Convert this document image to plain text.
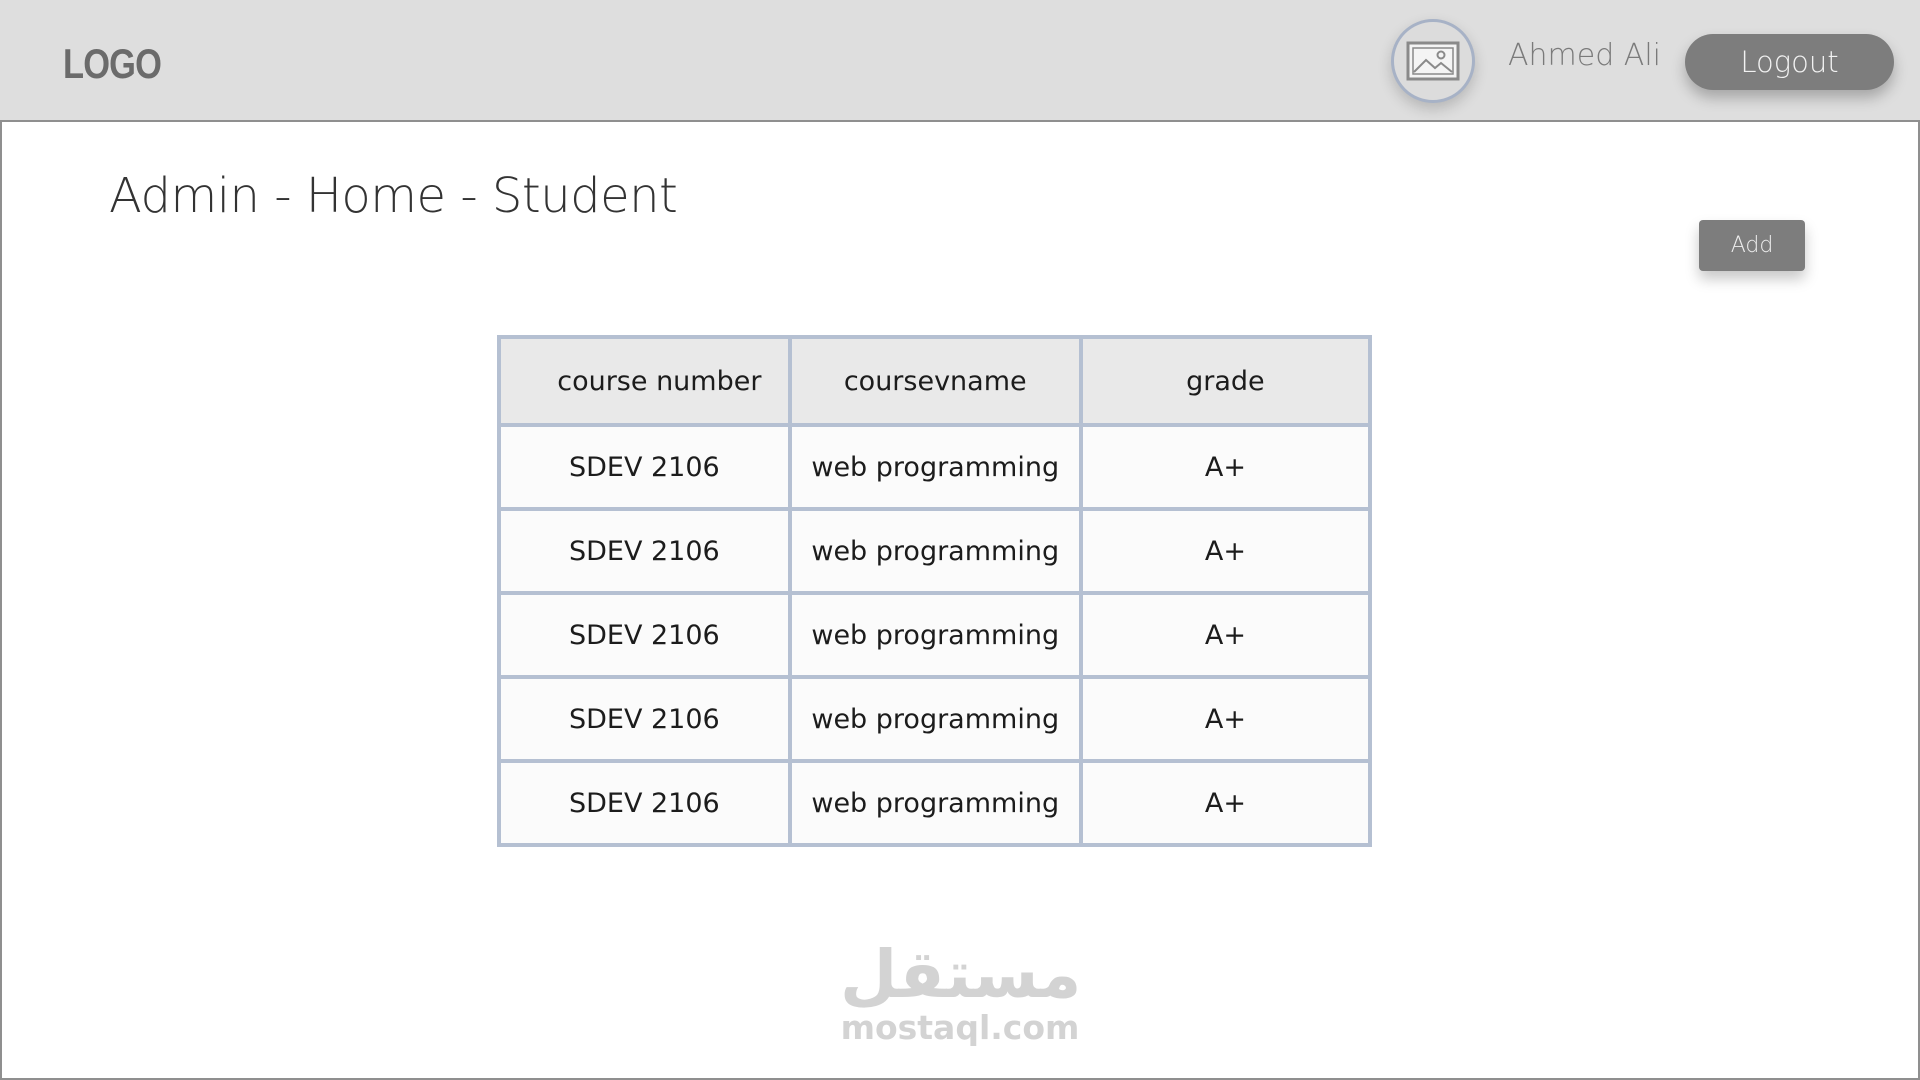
LOGO	Ahmed Ali	Logout
Admin - Home - Student
Add
course number	coursevname	grade
SDEV 2106	web programming	A+
SDEV 2106	web programming	A+
SDEV 2106	web programming	A+
SDEV 2106	web programming	A+
SDEV 2106	web programming	A+
مستقل
mostaql.com
